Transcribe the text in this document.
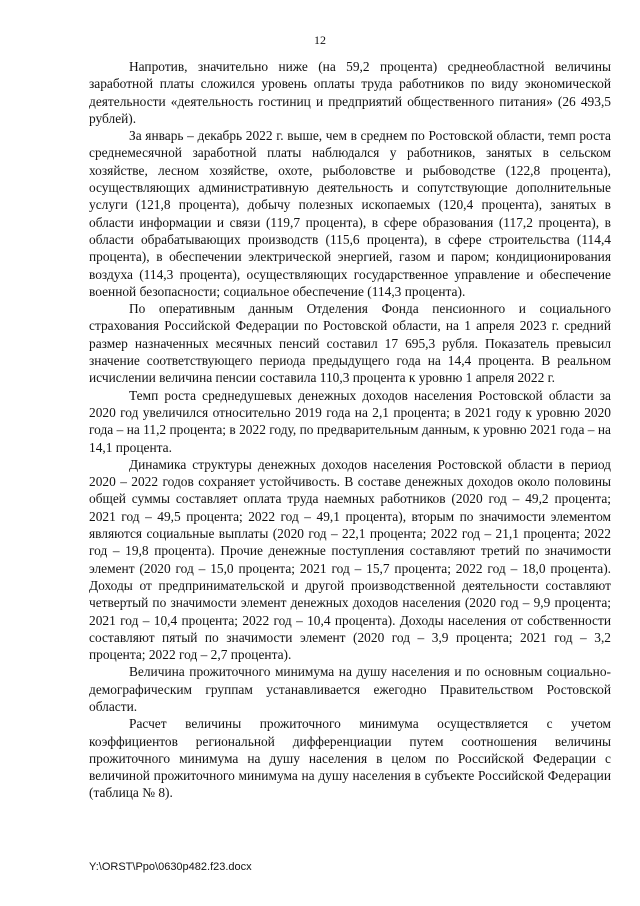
12

Напротив, значительно ниже (на 59,2 процента) среднеобластной величины заработной платы сложился уровень оплаты труда работников по виду экономической деятельности «деятельность гостиниц и предприятий общественного питания» (26 493,5 рублей).

За январь – декабрь 2022 г. выше, чем в среднем по Ростовской области, темп роста среднемесячной заработной платы наблюдался у работников, занятых в сельском хозяйстве, лесном хозяйстве, охоте, рыболовстве и рыбоводстве (122,8 процента), осуществляющих административную деятельность и сопутствующие дополнительные услуги (121,8 процента), добычу полезных ископаемых (120,4 процента), занятых в области информации и связи (119,7 процента), в сфере образования (117,2 процента), в области обрабатывающих производств (115,6 процента), в сфере строительства (114,4 процента), в обеспечении электрической энергией, газом и паром; кондиционирования воздуха (114,3 процента), осуществляющих государственное управление и обеспечение военной безопасности; социальное обеспечение (114,3 процента).

По оперативным данным Отделения Фонда пенсионного и социального страхования Российской Федерации по Ростовской области, на 1 апреля 2023 г. средний размер назначенных месячных пенсий составил 17 695,3 рубля. Показатель превысил значение соответствующего периода предыдущего года на 14,4 процента. В реальном исчислении величина пенсии составила 110,3 процента к уровню 1 апреля 2022 г.

Темп роста среднедушевых денежных доходов населения Ростовской области за 2020 год увеличился относительно 2019 года на 2,1 процента; в 2021 году к уровню 2020 года – на 11,2 процента; в 2022 году, по предварительным данным, к уровню 2021 года – на 14,1 процента.

Динамика структуры денежных доходов населения Ростовской области в период 2020 – 2022 годов сохраняет устойчивость. В составе денежных доходов около половины общей суммы составляет оплата труда наемных работников (2020 год – 49,2 процента; 2021 год – 49,5 процента; 2022 год – 49,1 процента), вторым по значимости элементом являются социальные выплаты (2020 год – 22,1 процента; 2022 год – 21,1 процента; 2022 год – 19,8 процента). Прочие денежные поступления составляют третий по значимости элемент (2020 год – 15,0 процента; 2021 год – 15,7 процента; 2022 год – 18,0 процента). Доходы от предпринимательской и другой производственной деятельности составляют четвертый по значимости элемент денежных доходов населения (2020 год – 9,9 процента; 2021 год – 10,4 процента; 2022 год – 10,4 процента). Доходы населения от собственности составляют пятый по значимости элемент (2020 год – 3,9 процента; 2021 год – 3,2 процента; 2022 год – 2,7 процента).

Величина прожиточного минимума на душу населения и по основным социально-демографическим группам устанавливается ежегодно Правительством Ростовской области.

Расчет величины прожиточного минимума осуществляется с учетом коэффициентов региональной дифференциации путем соотношения величины прожиточного минимума на душу населения в целом по Российской Федерации с величиной прожиточного минимума на душу населения в субъекте Российской Федерации (таблица № 8).

Y:\ORST\Ppo\0630p482.f23.docx
